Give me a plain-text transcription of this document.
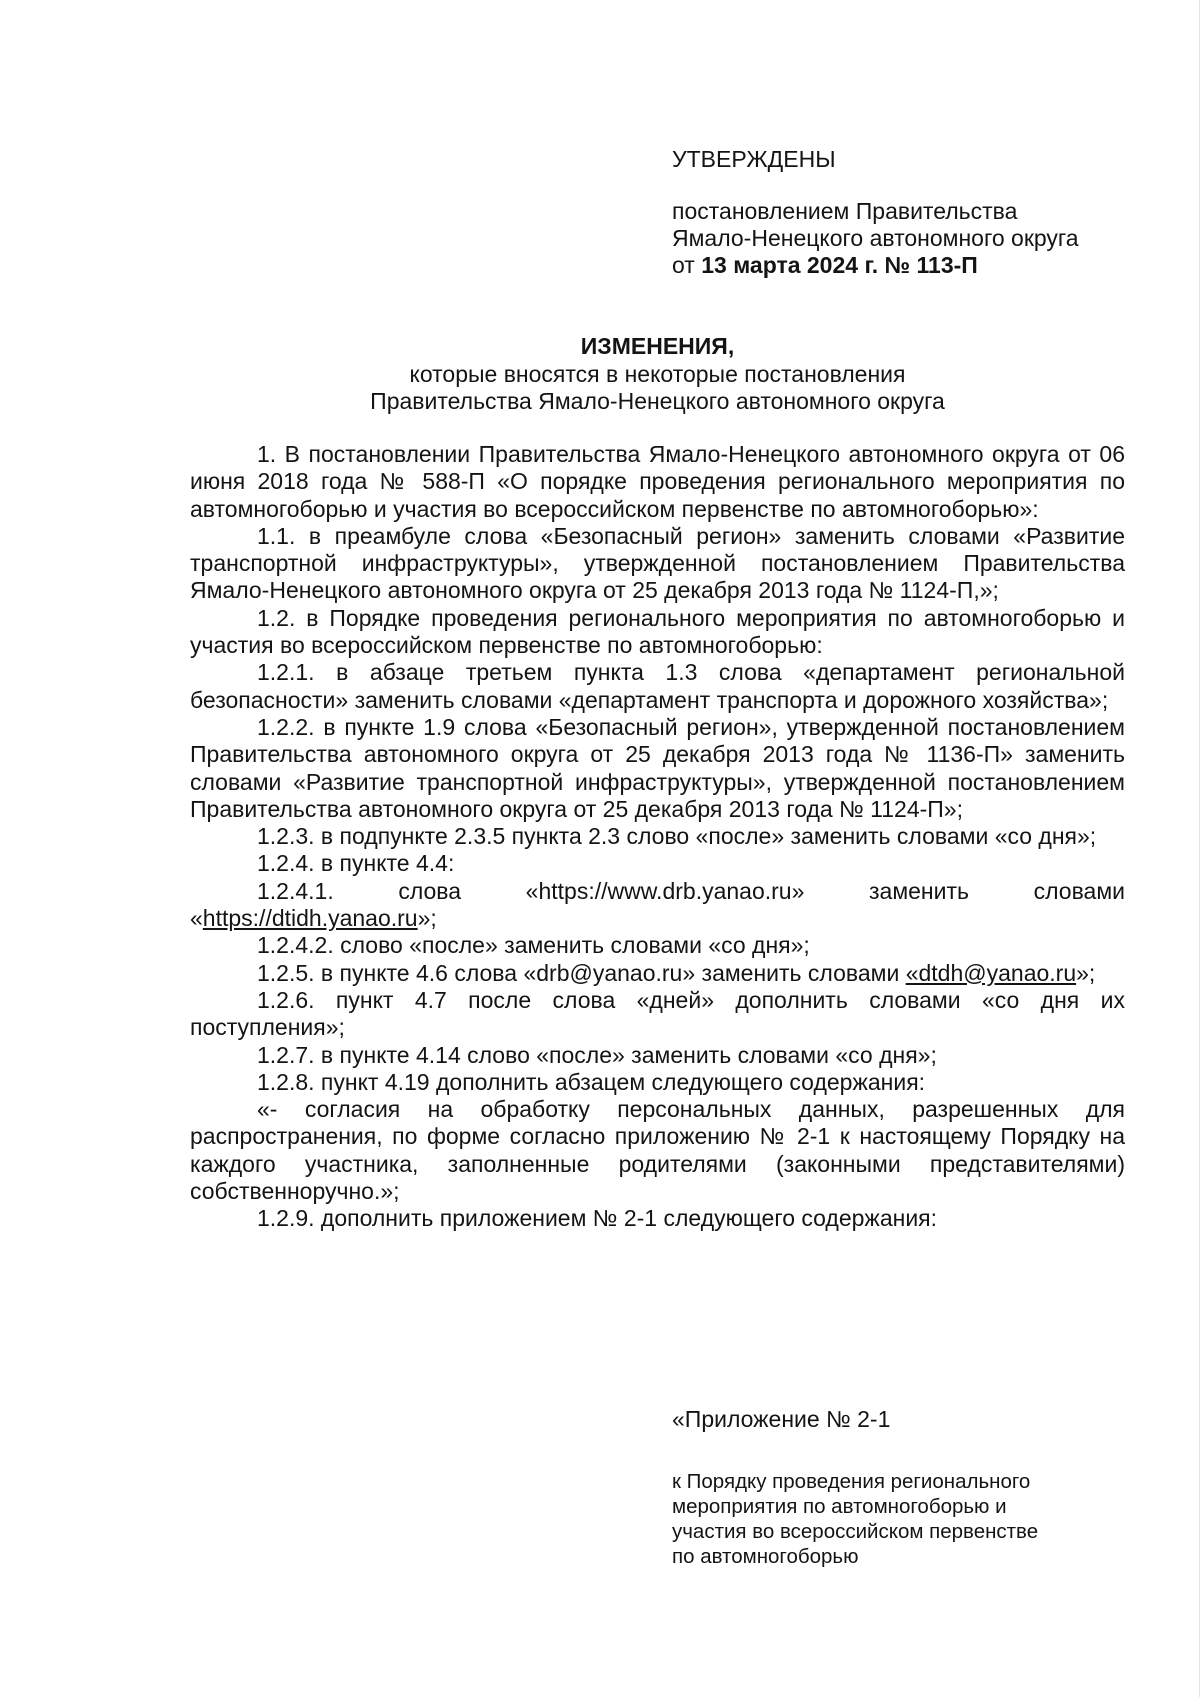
УТВЕРЖДЕНЫ

постановлением Правительства

Ямало-Ненецкого автономного округа

от 13 марта 2024 г. № 113-П

ИЗМЕНЕНИЯ,

которые вносятся в некоторые постановления

Правительства Ямало-Ненецкого автономного округа

1. В постановлении Правительства Ямало-Ненецкого автономного округа от 06 июня 2018 года № 588-П «О порядке проведения регионального мероприятия по автомногоборью и участия во всероссийском первенстве по автомногоборью»:

1.1. в преамбуле слова «Безопасный регион» заменить словами «Развитие транспортной инфраструктуры», утвержденной постановлением Правительства Ямало-Ненецкого автономного округа от 25 декабря 2013 года № 1124-П,»;

1.2. в Порядке проведения регионального мероприятия по автомногоборью и участия во всероссийском первенстве по автомногоборью:

1.2.1. в абзаце третьем пункта 1.3 слова «департамент региональной безопасности» заменить словами «департамент транспорта и дорожного хозяйства»;

1.2.2. в пункте 1.9 слова «Безопасный регион», утвержденной постановлением Правительства автономного округа от 25 декабря 2013 года № 1136-П» заменить словами «Развитие транспортной инфраструктуры», утвержденной постановлением Правительства автономного округа от 25 декабря 2013 года № 1124-П»;

1.2.3. в подпункте 2.3.5 пункта 2.3 слово «после» заменить словами «со дня»;

1.2.4. в пункте 4.4:

1.2.4.1. слова «https://www.drb.yanao.ru» заменить словами «https://dtidh.yanao.ru»;

1.2.4.2. слово «после» заменить словами «со дня»;

1.2.5. в пункте 4.6 слова «drb@yanao.ru» заменить словами «dtdh@yanao.ru»;

1.2.6. пункт 4.7 после слова «дней» дополнить словами «со дня их поступления»;

1.2.7. в пункте 4.14 слово «после» заменить словами «со дня»;

1.2.8. пункт 4.19 дополнить абзацем следующего содержания:

«- согласия на обработку персональных данных, разрешенных для распространения, по форме согласно приложению № 2-1 к настоящему Порядку на каждого участника, заполненные родителями (законными представителями) собственноручно.»;

1.2.9. дополнить приложением № 2-1 следующего содержания:

«Приложение № 2-1

к Порядку проведения регионального

мероприятия по автомногоборью и

участия во всероссийском первенстве

по автомногоборью
